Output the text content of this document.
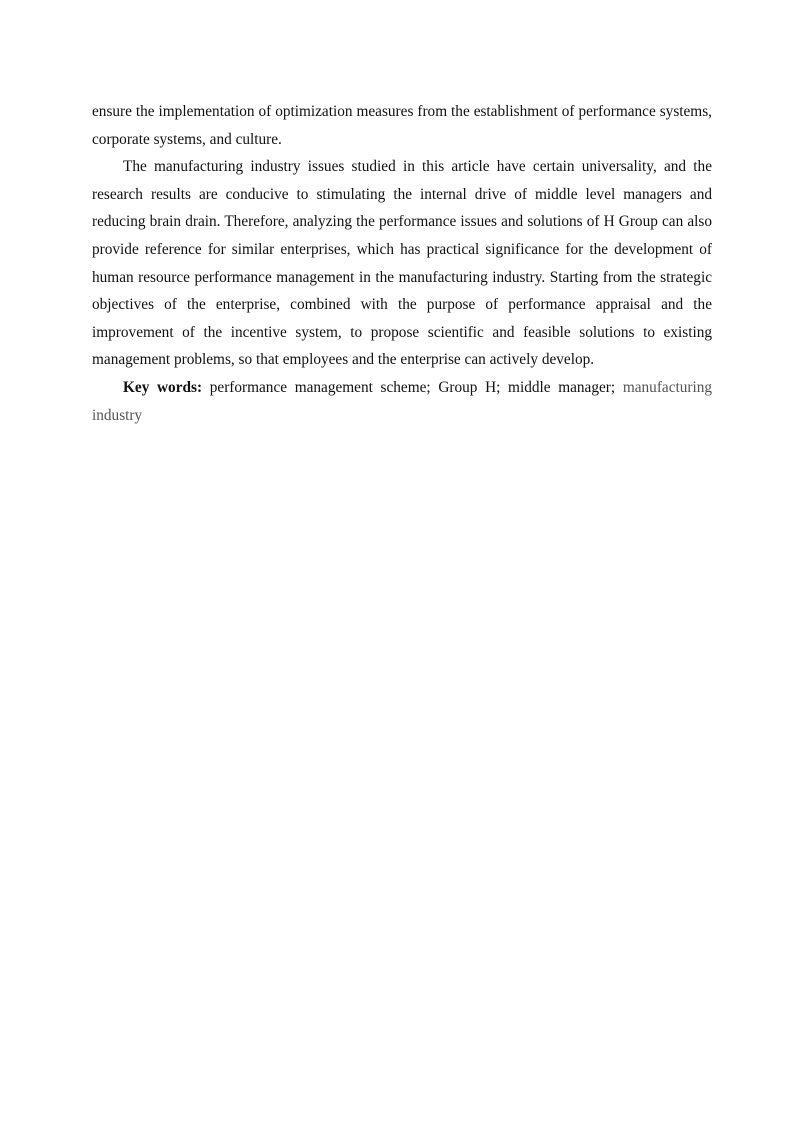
ensure the implementation of optimization measures from the establishment of performance systems, corporate systems, and culture.

The manufacturing industry issues studied in this article have certain universality, and the research results are conducive to stimulating the internal drive of middle level managers and reducing brain drain. Therefore, analyzing the performance issues and solutions of H Group can also provide reference for similar enterprises, which has practical significance for the development of human resource performance management in the manufacturing industry. Starting from the strategic objectives of the enterprise, combined with the purpose of performance appraisal and the improvement of the incentive system, to propose scientific and feasible solutions to existing management problems, so that employees and the enterprise can actively develop.

Key words: performance management scheme; Group H; middle manager; manufacturing industry
